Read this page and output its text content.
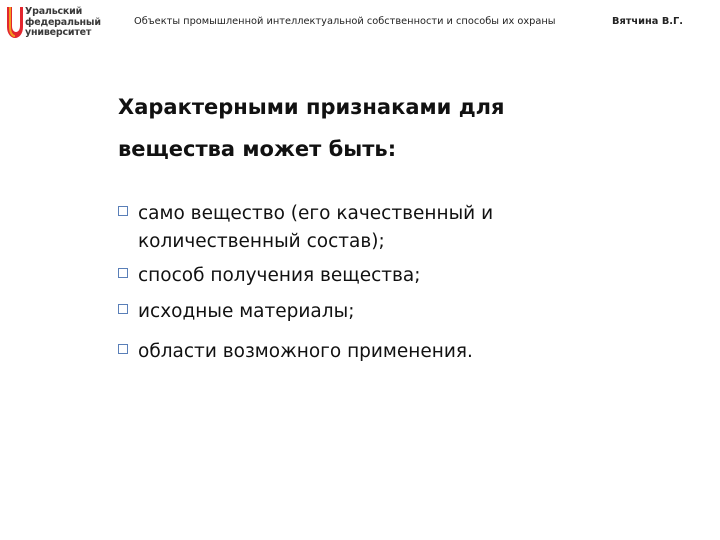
Уральский
федеральный
университет
Объекты промышленной интеллектуальной собственности и способы их охраны	Вятчина В.Г.
Характерными признаками для
вещества может быть:
само вещество (его качественный и
количественный состав);
способ получения вещества;
исходные материалы;
области возможного применения.
